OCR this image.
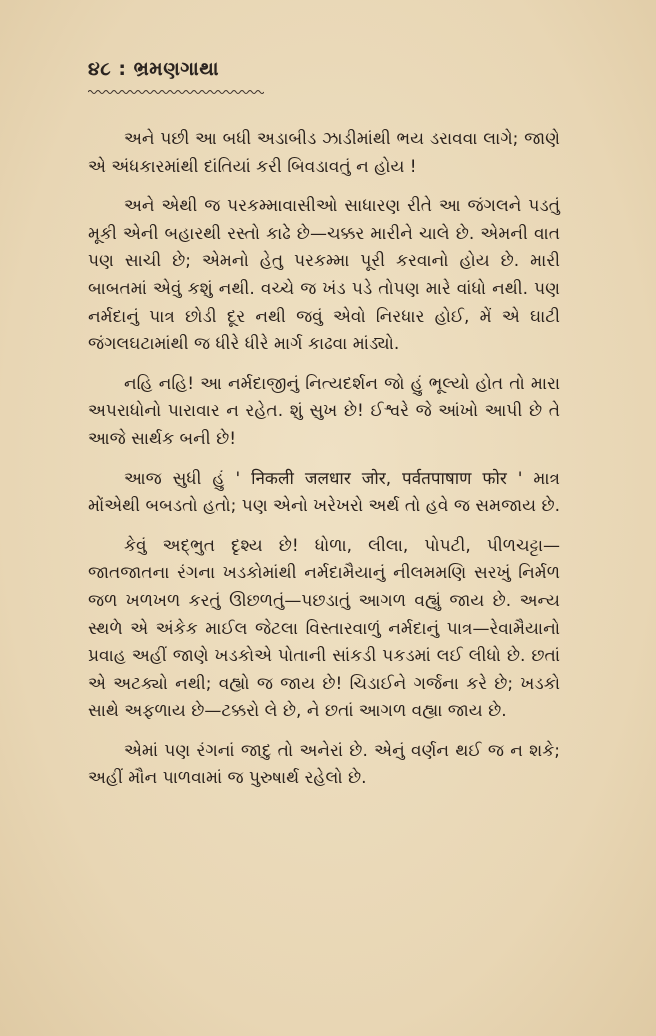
૪૮ : ભ્રમણગાથા

અને પછી આ બધી અડાબીડ ઝાડીમાંથી ભય ડરાવવા લાગે; જાણે એ અંધકારમાંથી દાંતિયાં કરી બિવડાવતું ન હોય !

અને એથી જ પરકમ્માવાસીઓ સાધારણ રીતે આ જંગલને પડતું મૂકી એની બહારથી રસ્તો કાઢે છે—ચક્કર મારીને ચાલે છે. એમની વાત પણ સાચી છે; એમનો હેતુ પરકમ્મા પૂરી કરવાનો હોય છે. મારી બાબતમાં એવું કશું નથી. વચ્ચે જ ખંડ પડે તોપણ મારે વાંધો નથી. પણ નર્મદાનું પાત્ર છોડી દૂર નથી જવું એવો નિરધાર હોઈ, મેં એ ઘાટી જંગલઘટામાંથી જ ધીરે ધીરે માર્ગ કાઢવા માંડ્યો.

નહિ નહિ! આ નર્મદાજીનું નિત્યદર્શન જો હું ભૂલ્યો હોત તો મારા અપરાધોનો પારાવાર ન રહેત. શું સુખ છે! ઈશ્વરે જે આંખો આપી છે તે આજે સાર્થક બની છે!

આજ સુધી હું ' निकली जलधार जोर, पर्वतपाषाण फोर ' માત્ર મોંએથી બબડતો હતો; પણ એનો ખરેખરો અર્થ તો હવે જ સમજાય છે.

કેવું અદ્ભુત દૃશ્ય છે! ધોળા, લીલા, પોપટી, પીળચટ્ટા—જાતજાતના રંગના ખડકોમાંથી નર્મદામૈયાનું નીલમમણિ સરખું નિર્મળ જળ ખળખળ કરતું ઊછળતું—પછડાતું આગળ વહ્યું જાય છે. અન્ય સ્થળે એ અંકેક માઈલ જેટલા વિસ્તારવાળું નર્મદાનું પાત્ર—રેવામૈયાનો પ્રવાહ અહીં જાણે ખડકોએ પોતાની સાંકડી પકડમાં લઈ લીધો છે. છતાં એ અટક્યો નથી; વહ્યો જ જાય છે! ચિડાઈને ગર્જના કરે છે; ખડકો સાથે અફળાય છે—ટક્કરો લે છે, ને છતાં આગળ વહ્યા જાય છે.

એમાં પણ રંગનાં જાદુ તો અનેરાં છે. એનું વર્ણન થઈ જ ન શકે; અહીં મૌન પાળવામાં જ પુરુષાર્થ રહેલો છે.
